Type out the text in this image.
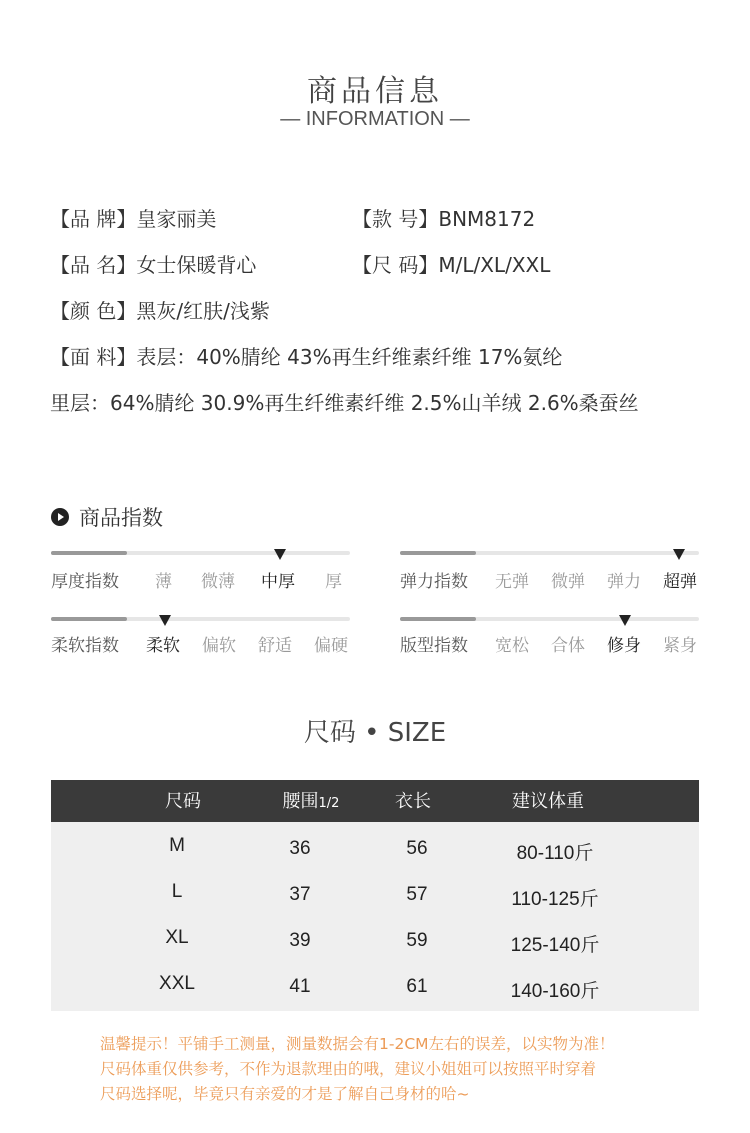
商品信息
— INFORMATION —
【品 牌】皇家丽美	【款 号】BNM8172
【品 名】女士保暖背心	【尺 码】M/L/XL/XXL
【颜 色】黑灰/红肤/浅紫
【面 料】表层：40%腈纶 43%再生纤维素纤维 17%氨纶
里层：64%腈纶 30.9%再生纤维素纤维 2.5%山羊绒 2.6%桑蚕丝
商品指数
厚度指数 薄 微薄 中厚 厚	弹力指数 无弹 微弹 弹力 超弹
柔软指数 柔软 偏软 舒适 偏硬	版型指数 宽松 合体 修身 紧身
尺码 • SIZE
尺码	腰围1/2	衣长	建议体重
M	36	56	80-110斤
L	37	57	110-125斤
XL	39	59	125-140斤
XXL	41	61	140-160斤
温馨提示！平铺手工测量，测量数据会有1-2CM左右的误差，以实物为准！
尺码体重仅供参考，不作为退款理由的哦，建议小姐姐可以按照平时穿着
尺码选择呢，毕竟只有亲爱的才是了解自己身材的哈~
